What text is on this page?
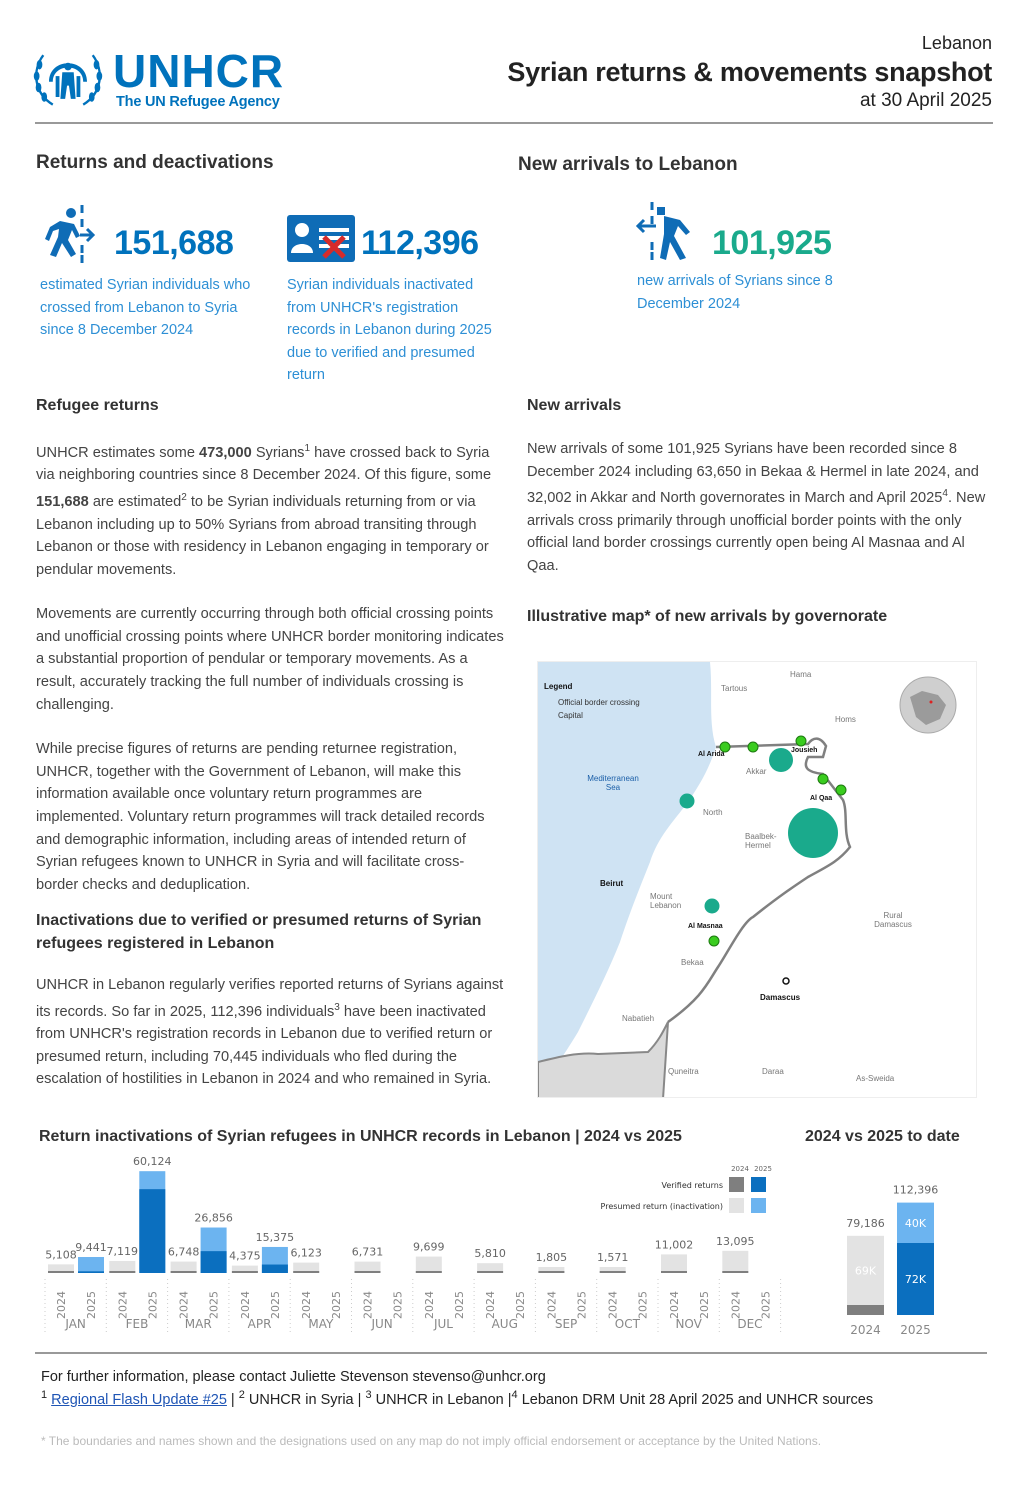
UNHCR
The UN Refugee Agency
Lebanon
Syrian returns & movements snapshot
at 30 April 2025
Returns and deactivations
151,688
estimated Syrian individuals who crossed from Lebanon to Syria since 8 December 2024
112,396
Syrian individuals inactivated from UNHCR's registration records in Lebanon during 2025 due to verified and presumed return
New arrivals to Lebanon
101,925
new arrivals of Syrians since 8 December 2024
Refugee returns

UNHCR estimates some 473,000 Syrians$^1$ have crossed back to Syria via neighboring countries since 8 December 2024. Of this figure, some 151,688 are estimated$^2$ to be Syrian individuals returning from or via Lebanon including up to 50% Syrians from abroad transiting through Lebanon or those with residency in Lebanon engaging in temporary or pendular movements.

Movements are currently occurring through both official crossing points and unofficial crossing points where UNHCR border monitoring indicates a substantial proportion of pendular or temporary movements. As a result, accurately tracking the full number of individuals crossing is challenging.

While precise figures of returns are pending returnee registration, UNHCR, together with the Government of Lebanon, will make this information available once voluntary return programmes are implemented. Voluntary return programmes will track detailed records and demographic information, including areas of intended return of Syrian refugees known to UNHCR in Syria and will facilitate cross-border checks and deduplication.

Inactivations due to verified or presumed returns of Syrian refugees registered in Lebanon

UNHCR in Lebanon regularly verifies reported returns of Syrians against its records. So far in 2025, 112,396 individuals$^3$ have been inactivated from UNHCR's registration records in Lebanon due to verified return or presumed return, including 70,445 individuals who fled during the escalation of hostilities in Lebanon in 2024 and who remained in Syria.

New arrivals

New arrivals of some 101,925 Syrians have been recorded since 8 December 2024 including 63,650 in Bekaa & Hermel in late 2024, and 32,002 in Akkar and North governorates in March and April 2025$^4$. New arrivals cross primarily through unofficial border points with the only official land border crossings currently open being Al Masnaa and Al Qaa.

Illustrative map* of new arrivals by governorate
Legend
Official border crossing
Capital
Mediterranean Sea
Tartous
Hama
Homs
Akkar
North
Baalbek-Hermel
Beirut
Mount Lebanon
Bekaa
Nabatieh
Rural Damascus
Damascus
Quneitra	Daraa
As-Sweida
Al Arida
Jousieh
Al Qaa
Al Masnaa
Return inactivations of Syrian refugees in UNHCR records in Lebanon | 2024 vs 2025	2024 vs 2025 to date
5,108
9,441
2024 2025
JAN
7,119
60,124
2024 2025
FEB
6,748
26,856
2024 2025
MAR
4,375
15,375
2024 2025
APR
6,123
2024 2025
MAY
6,731
2024 2025
JUN
9,699
2024 2025
JUL
5,810
2024 2025
AUG
1,805
2024 2025
SEP
1,571
2024 2025
OCT
11,002
2024 2025
NOV
13,095
2024 2025
DEC
2024 2025
Verified returns
Presumed return (inactivation)
69K
79,186
2024
72K
40K
112,396
2025
For further information, please contact Juliette Stevenson stevenso@unhcr.org
$^1$ Regional Flash Update #25 | $^2$ UNHCR in Syria | $^3$ UNHCR in Lebanon $|^4$ Lebanon DRM Unit 28 April 2025 and UNHCR sources
* The boundaries and names shown and the designations used on any map do not imply official endorsement or acceptance by the United Nations.
